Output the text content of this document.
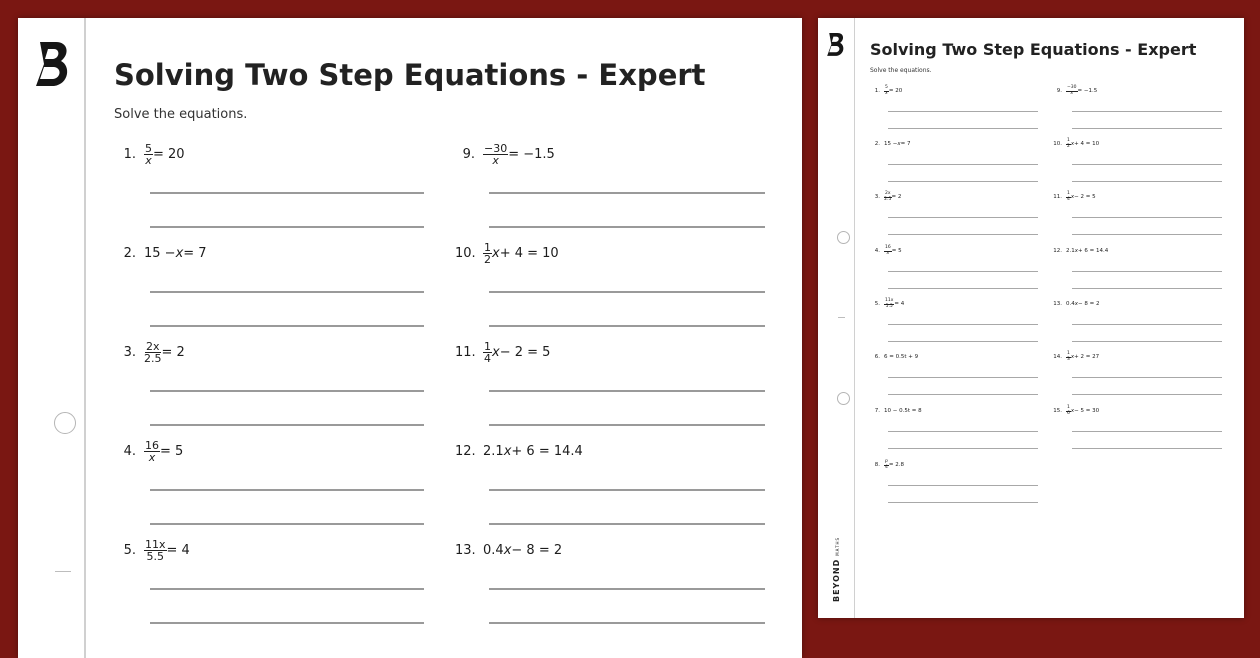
Solving Two Step Equations - Expert
Solve the equations.
1. $\frac{5}{x} = 20$
2. 15 − x = 7
3. $\frac{2x}{2.5} = 2$
4. $\frac{16}{x} = 5$
5. $\frac{11x}{5.5} = 4$
9. $\frac{-30}{x} = -1.5$
10. $\frac{1}{2}$ x + 4 = 10
11. $\frac{1}{4}$ x − 2 = 5
12. 2.1 x + 6 = 14.4
13. 0.4 x − 8 = 2
Solving Two Step Equations - Expert
Solve the equations.
BEYONDMATHS
1. $\frac{5}{x} = 20$
2. 15 − x = 7
3. $\frac{2x}{2.5} = 2$
4. $\frac{16}{x} = 5$
5. $\frac{11x}{5.5} = 4$
6. 6 = 0.5t + 9
7. 10 − 0.5t = 8
8. $\frac{p}{4} = 2.8$
9. $\frac{-30}{x} = -1.5$
10. $\frac{1}{2}$ x + 4 = 10
11. $\frac{1}{4}$ x − 2 = 5
12. 2.1 x + 6 = 14.4
13. 0.4 x − 8 = 2
14. $\frac{1}{3}$ x + 2 = 27
15. $\frac{1}{6}$ x − 5 = 30
